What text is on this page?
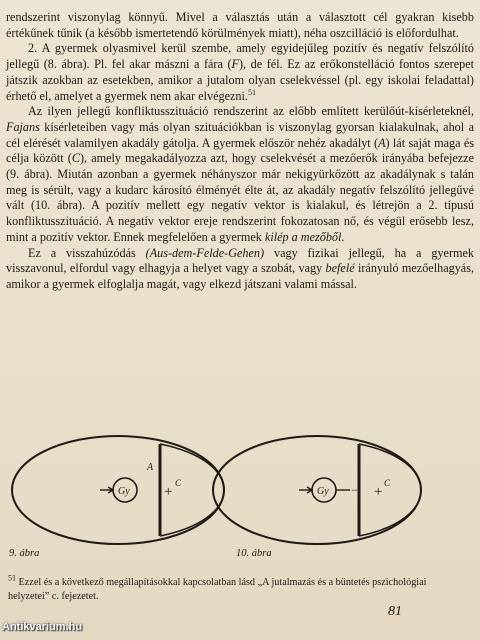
rendszerint viszonylag könnyű. Mivel a választás után a választott cél gyakran kisebb értékűnek tűnik (a később ismertetendő körülmények miatt), néha oszcilláció is előfordulhat.

2. A gyermek olyasmivel kerül szembe, amely egyidejűleg pozitív és negatív felszólító jellegű (8. ábra). Pl. fel akar mászni a fára (F), de fél. Ez az erőkonstelláció fontos szerepet játszik azokban az esetekben, amikor a jutalom olyan cselekvéssel (pl. egy iskolai feladattal) érhető el, amelyet a gyermek nem akar elvégezni.$^{51}$

Az ilyen jellegű konfliktusszituáció rendszerint az előbb említett kerülőút-kísérleteknél, Fajans kísérleteiben vagy más olyan szituációkban is viszonylag gyorsan kialakulnak, ahol a cél elérését valamilyen akadály gátolja. A gyermek először nehéz akadályt (A) lát saját maga és célja között (C), amely megakadályozza azt, hogy cselekvését a mezőerők irányába befejezze (9. ábra). Miután azonban a gyermek néhányszor már nekigyürkőzött az akadálynak s talán meg is sérült, vagy a kudarc károsító élményét élte át, az akadály negatív felszólító jellegűvé vált (10. ábra). A pozitív mellett egy negatív vektor is kialakul, és létrejön a 2. típusú konfliktusszituáció. A negatív vektor ereje rendszerint fokozatosan nő, és végül erősebb lesz, mint a pozitív vektor. Ennek megfelelően a gyermek kilép a mezőből.

Ez a visszahúzódás (Aus-dem-Felde-Gehen) vagy fizikai jellegű, ha a gyermek visszavonul, elfordul vagy elhagyja a helyet vagy a szobát, vagy befelé irányuló mezőelhagyás, amikor a gyermek elfoglalja magát, vagy elkezd játszani valami mással.

Gy
A
+
C
Gy − +
C
9. ábra	10. ábra
$^{51}$ Ezzel és a következő megállapításokkal kapcsolatban lásd „A jutalmazás és a büntetés pszichológiai helyzetei” c. fejezetet.
81
Antikvarium.hu
